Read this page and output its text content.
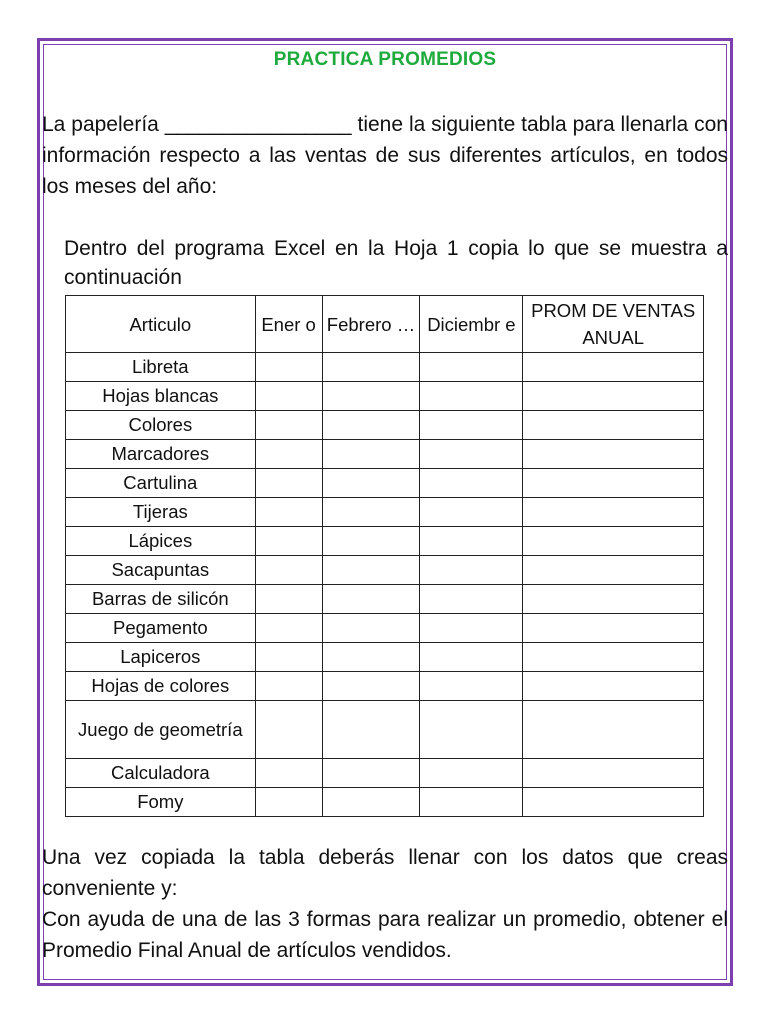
PRACTICA PROMEDIOS

La papelería ________________ tiene la siguiente tabla para llenarla con información respecto a las ventas de sus diferentes artículos, en todos los meses del año:

Dentro del programa Excel en la Hoja 1 copia lo que se muestra a continuación
Articulo	Ener o	Febrero …	Diciembr e	PROM DE VENTAS ANUAL
Libreta				
Hojas blancas				
Colores				
Marcadores				
Cartulina				
Tijeras				
Lápices				
Sacapuntas				
Barras de silicón				
Pegamento				
Lapiceros				
Hojas de colores				
Juego de geometría				
Calculadora				
Fomy				

Una vez copiada la tabla deberás llenar con los datos que creas conveniente y:

Con ayuda de una de las 3 formas para realizar un promedio, obtener el Promedio Final Anual de artículos vendidos.
